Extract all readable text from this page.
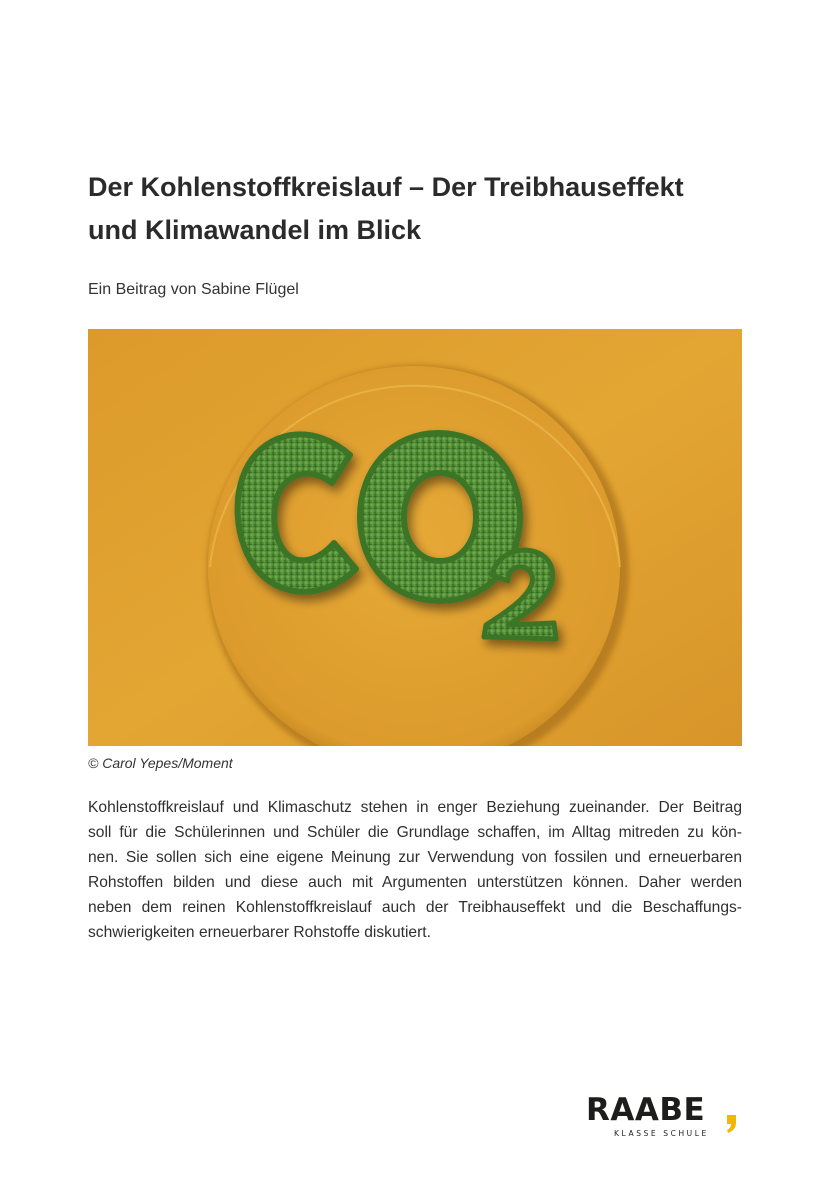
Der Kohlenstoffkreislauf – Der Treibhauseffekt
und Klimawandel im Blick
Ein Beitrag von Sabine Flügel
© Carol Yepes/Moment

Kohlenstoffkreislauf und Klimaschutz stehen in enger Beziehung zueinander. Der Beitrag
soll für die Schülerinnen und Schüler die Grundlage schaffen, im Alltag mitreden zu kön-
nen. Sie sollen sich eine eigene Meinung zur Verwendung von fossilen und erneuerbaren
Rohstoffen bilden und diese auch mit Argumenten unterstützen können. Daher werden
neben dem reinen Kohlenstoffkreislauf auch der Treibhauseffekt und die Beschaffungs-
schwierigkeiten erneuerbarer Rohstoffe diskutiert.

RAABE
KLASSE SCHULE
